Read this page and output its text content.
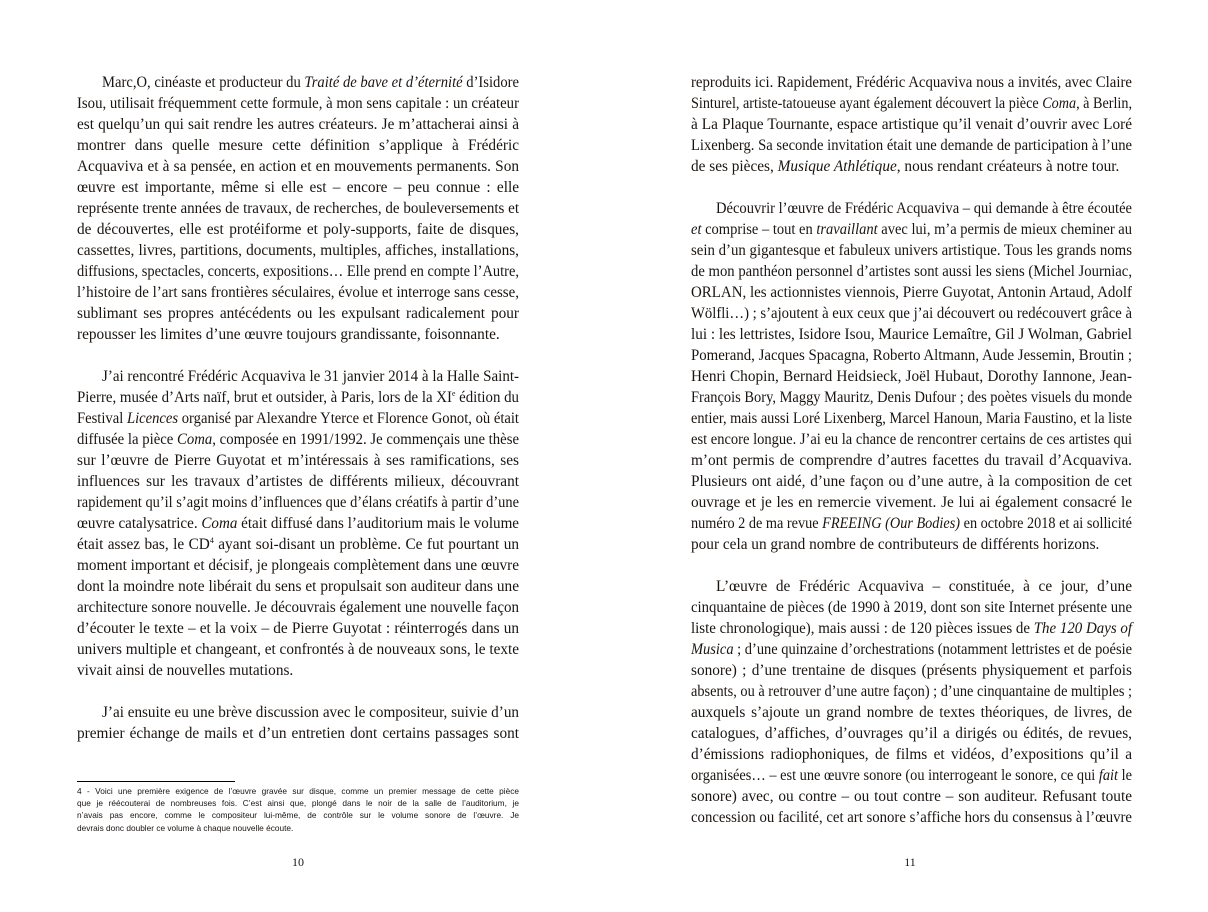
Marc,O, cinéaste et producteur du Traité de bave et d’éternité d’Isidore
Isou, utilisait fréquemment cette formule, à mon sens capitale : un créateur
est quelqu’un qui sait rendre les autres créateurs. Je m’attacherai ainsi à
montrer dans quelle mesure cette définition s’applique à Frédéric
Acquaviva et à sa pensée, en action et en mouvements permanents. Son
œuvre est importante, même si elle est – encore – peu connue : elle
représente trente années de travaux, de recherches, de bouleversements et
de découvertes, elle est protéiforme et poly-supports, faite de disques,
cassettes, livres, partitions, documents, multiples, affiches, installations,
diffusions, spectacles, concerts, expositions… Elle prend en compte l’Autre,
l’histoire de l’art sans frontières séculaires, évolue et interroge sans cesse,
sublimant ses propres antécédents ou les expulsant radicalement pour
repousser les limites d’une œuvre toujours grandissante, foisonnante.
J’ai rencontré Frédéric Acquaviva le 31 janvier 2014 à la Halle Saint-
Pierre, musée d’Arts naïf, brut et outsider, à Paris, lors de la XIe édition du
Festival Licences organisé par Alexandre Yterce et Florence Gonot, où était
diffusée la pièce Coma, composée en 1991/1992. Je commençais une thèse
sur l’œuvre de Pierre Guyotat et m’intéressais à ses ramifications, ses
influences sur les travaux d’artistes de différents milieux, découvrant
rapidement qu’il s’agit moins d’influences que d’élans créatifs à partir d’une
œuvre catalysatrice. Coma était diffusé dans l’auditorium mais le volume
était assez bas, le $CD^4$ ayant soi-disant un problème. Ce fut pourtant un
moment important et décisif, je plongeais complètement dans une œuvre
dont la moindre note libérait du sens et propulsait son auditeur dans une
architecture sonore nouvelle. Je découvrais également une nouvelle façon
d’écouter le texte – et la voix – de Pierre Guyotat : réinterrogés dans un
univers multiple et changeant, et confrontés à de nouveaux sons, le texte
vivait ainsi de nouvelles mutations.
J’ai ensuite eu une brève discussion avec le compositeur, suivie d’un
premier échange de mails et d’un entretien dont certains passages sont
4 - Voici une première exigence de l’œuvre gravée sur disque, comme un premier message de cette pièce
que je réécouterai de nombreuses fois. C’est ainsi que, plongé dans le noir de la salle de l’auditorium, je
n’avais pas encore, comme le compositeur lui-même, de contrôle sur le volume sonore de l’œuvre. Je
devrais donc doubler ce volume à chaque nouvelle écoute.
10
reproduits ici. Rapidement, Frédéric Acquaviva nous a invités, avec Claire
Sinturel, artiste-tatoueuse ayant également découvert la pièce Coma, à Berlin,
à La Plaque Tournante, espace artistique qu’il venait d’ouvrir avec Loré
Lixenberg. Sa seconde invitation était une demande de participation à l’une
de ses pièces, Musique Athlétique, nous rendant créateurs à notre tour.
Découvrir l’œuvre de Frédéric Acquaviva – qui demande à être écoutée
et comprise – tout en travaillant avec lui, m’a permis de mieux cheminer au
sein d’un gigantesque et fabuleux univers artistique. Tous les grands noms
de mon panthéon personnel d’artistes sont aussi les siens (Michel Journiac,
ORLAN, les actionnistes viennois, Pierre Guyotat, Antonin Artaud, Adolf
Wölfli…) ; s’ajoutent à eux ceux que j’ai découvert ou redécouvert grâce à
lui : les lettristes, Isidore Isou, Maurice Lemaître, Gil J Wolman, Gabriel
Pomerand, Jacques Spacagna, Roberto Altmann, Aude Jessemin, Broutin ;
Henri Chopin, Bernard Heidsieck, Joël Hubaut, Dorothy Iannone, Jean-
François Bory, Maggy Mauritz, Denis Dufour ; des poètes visuels du monde
entier, mais aussi Loré Lixenberg, Marcel Hanoun, Maria Faustino, et la liste
est encore longue. J’ai eu la chance de rencontrer certains de ces artistes qui
m’ont permis de comprendre d’autres facettes du travail d’Acquaviva.
Plusieurs ont aidé, d’une façon ou d’une autre, à la composition de cet
ouvrage et je les en remercie vivement. Je lui ai également consacré le
numéro 2 de ma revue FREEING (Our Bodies) en octobre 2018 et ai sollicité
pour cela un grand nombre de contributeurs de différents horizons.
L’œuvre de Frédéric Acquaviva – constituée, à ce jour, d’une
cinquantaine de pièces (de 1990 à 2019, dont son site Internet présente une
liste chronologique), mais aussi : de 120 pièces issues de The 120 Days of
Musica ; d’une quinzaine d’orchestrations (notamment lettristes et de poésie
sonore) ; d’une trentaine de disques (présents physiquement et parfois
absents, ou à retrouver d’une autre façon) ; d’une cinquantaine de multiples ;
auxquels s’ajoute un grand nombre de textes théoriques, de livres, de
catalogues, d’affiches, d’ouvrages qu’il a dirigés ou édités, de revues,
d’émissions radiophoniques, de films et vidéos, d’expositions qu’il a
organisées… – est une œuvre sonore (ou interrogeant le sonore, ce qui fait le
sonore) avec, ou contre – ou tout contre – son auditeur. Refusant toute
concession ou facilité, cet art sonore s’affiche hors du consensus à l’œuvre
11
